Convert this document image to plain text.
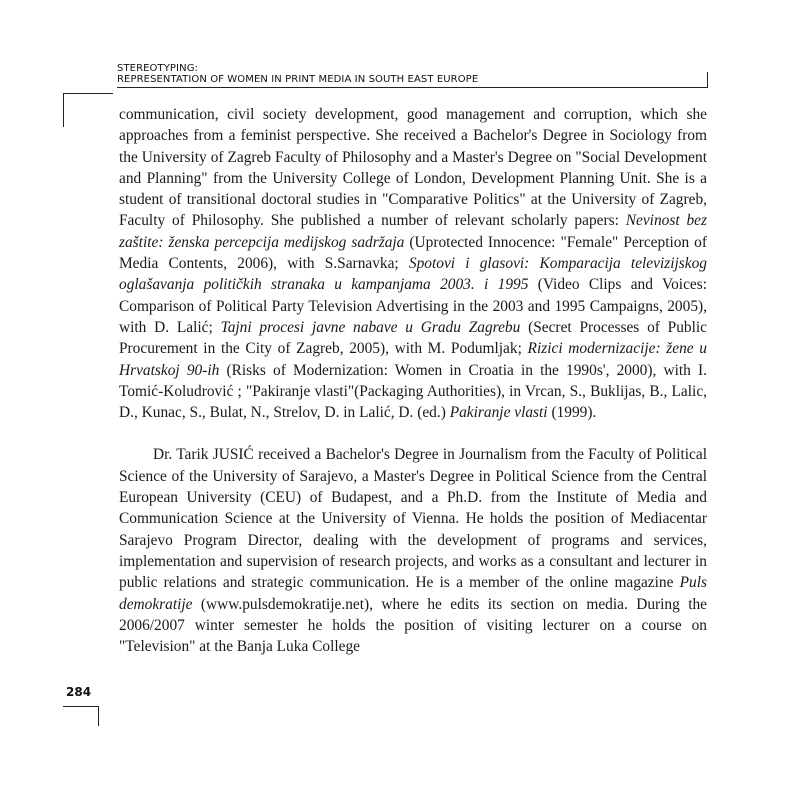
STEREOTYPING:
REPRESENTATION OF WOMEN IN PRINT MEDIA IN SOUTH EAST EUROPE

communication, civil society development, good management and corruption, which she approaches from a feminist perspective. She received a Bachelor's Degree in Sociology from the University of Zagreb Faculty of Philosophy and a Master's Degree on "Social Development and Planning" from the University College of London, Development Planning Unit. She is a student of transitional doctoral studies in "Comparative Politics" at the University of Zagreb, Faculty of Philosophy. She published a number of relevant scholarly papers: Nevinost bez zaštite: ženska percepcija medijskog sadržaja (Uprotected Innocence: "Female" Perception of Media Contents, 2006), with S.Sarnavka; Spotovi i glasovi: Komparacija televizijskog oglašavanja političkih stranaka u kampanjama 2003. i 1995 (Video Clips and Voices: Comparison of Political Party Television Advertising in the 2003 and 1995 Campaigns, 2005), with D. Lalić; Tajni procesi javne nabave u Gradu Zagrebu (Secret Processes of Public Procurement in the City of Zagreb, 2005), with M. Podumljak; Rizici modernizacije: žene u Hrvatskoj 90-ih (Risks of Modernization: Women in Croatia in the 1990s', 2000), with I. Tomić-Koludrović ; "Pakiranje vlasti"(Packaging Authorities), in Vrcan, S., Buklijas, B., Lalic, D., Kunac, S., Bulat, N., Strelov, D. in Lalić, D. (ed.) Pakiranje vlasti (1999).

Dr. Tarik JUSIĆ received a Bachelor's Degree in Journalism from the Faculty of Political Science of the University of Sarajevo, a Master's Degree in Political Science from the Central European University (CEU) of Budapest, and a Ph.D. from the Institute of Media and Communication Science at the University of Vienna. He holds the position of Mediacentar Sarajevo Program Director, dealing with the development of programs and services, implementation and supervision of research projects, and works as a consultant and lecturer in public relations and strategic communication. He is a member of the online magazine Puls demokratije (www.pulsdemokratije.net), where he edits its section on media. During the 2006/2007 winter semester he holds the position of visiting lecturer on a course on "Television" at the Banja Luka College

284
